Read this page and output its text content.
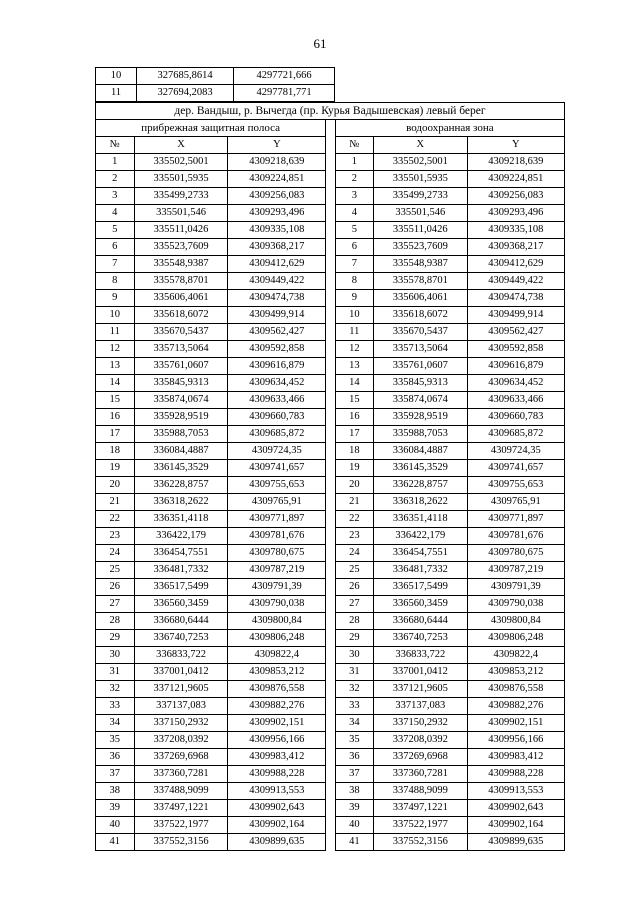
61
10	327685,8614	4297721,666
11	327694,2083	4297781,771
дер. Вандыш, р. Вычегда (пр. Курья Вадышевская) левый берег						
прибрежная защитная полоса				водоохранная зона		
№	X	Y		№	X	Y
1	335502,5001	4309218,639		1	335502,5001	4309218,639
2	335501,5935	4309224,851		2	335501,5935	4309224,851
3	335499,2733	4309256,083		3	335499,2733	4309256,083
4	335501,546	4309293,496		4	335501,546	4309293,496
5	335511,0426	4309335,108		5	335511,0426	4309335,108
6	335523,7609	4309368,217		6	335523,7609	4309368,217
7	335548,9387	4309412,629		7	335548,9387	4309412,629
8	335578,8701	4309449,422		8	335578,8701	4309449,422
9	335606,4061	4309474,738		9	335606,4061	4309474,738
10	335618,6072	4309499,914		10	335618,6072	4309499,914
11	335670,5437	4309562,427		11	335670,5437	4309562,427
12	335713,5064	4309592,858		12	335713,5064	4309592,858
13	335761,0607	4309616,879		13	335761,0607	4309616,879
14	335845,9313	4309634,452		14	335845,9313	4309634,452
15	335874,0674	4309633,466		15	335874,0674	4309633,466
16	335928,9519	4309660,783		16	335928,9519	4309660,783
17	335988,7053	4309685,872		17	335988,7053	4309685,872
18	336084,4887	4309724,35		18	336084,4887	4309724,35
19	336145,3529	4309741,657		19	336145,3529	4309741,657
20	336228,8757	4309755,653		20	336228,8757	4309755,653
21	336318,2622	4309765,91		21	336318,2622	4309765,91
22	336351,4118	4309771,897		22	336351,4118	4309771,897
23	336422,179	4309781,676		23	336422,179	4309781,676
24	336454,7551	4309780,675		24	336454,7551	4309780,675
25	336481,7332	4309787,219		25	336481,7332	4309787,219
26	336517,5499	4309791,39		26	336517,5499	4309791,39
27	336560,3459	4309790,038		27	336560,3459	4309790,038
28	336680,6444	4309800,84		28	336680,6444	4309800,84
29	336740,7253	4309806,248		29	336740,7253	4309806,248
30	336833,722	4309822,4		30	336833,722	4309822,4
31	337001,0412	4309853,212		31	337001,0412	4309853,212
32	337121,9605	4309876,558		32	337121,9605	4309876,558
33	337137,083	4309882,276		33	337137,083	4309882,276
34	337150,2932	4309902,151		34	337150,2932	4309902,151
35	337208,0392	4309956,166		35	337208,0392	4309956,166
36	337269,6968	4309983,412		36	337269,6968	4309983,412
37	337360,7281	4309988,228		37	337360,7281	4309988,228
38	337488,9099	4309913,553		38	337488,9099	4309913,553
39	337497,1221	4309902,643		39	337497,1221	4309902,643
40	337522,1977	4309902,164		40	337522,1977	4309902,164
41	337552,3156	4309899,635		41	337552,3156	4309899,635
